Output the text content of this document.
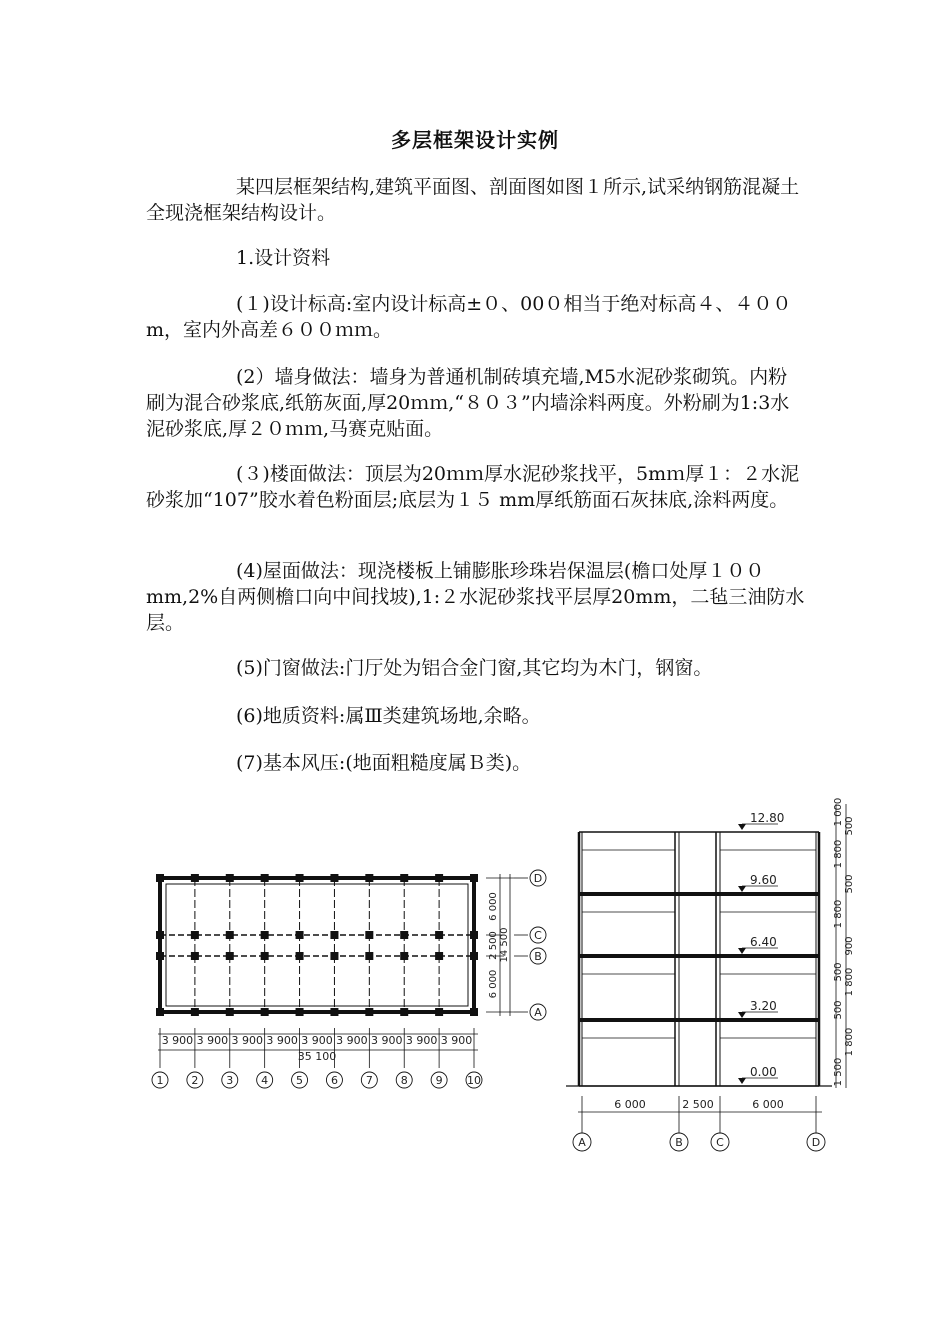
多层框架设计实例
某四层框架结构,建筑平面图、剖面图如图１所示,试采纳钢筋混凝土全现浇框架结构设计。
1.设计资料
(１)设计标高:室内设计标高±０、00０相当于绝对标高４、４００m，室内外高差６００ｍｍ。
(2）墙身做法：墙身为普通机制砖填充墙,M5水泥砂浆砌筑。内粉刷为混合砂浆底,纸筋灰面,厚20ｍｍ,“８０３”内墙涂料两度。外粉刷为1:3水泥砂浆底,厚２０ｍｍ,马赛克贴面。
(３)楼面做法：顶层为20ｍｍ厚水泥砂浆找平，5mｍ厚１：２水泥砂浆加“107”胶水着色粉面层;底层为１５ mm厚纸筋面石灰抹底,涂料两度。
(4)屋面做法：现浇楼板上铺膨胀珍珠岩保温层(檐口处厚１００ mm,2%自两侧檐口向中间找坡),1:２水泥砂浆找平层厚20mm，二毡三油防水层。
(5)门窗做法:门厅处为铝合金门窗,其它均为木门，钢窗。
(6)地质资料:属Ⅲ类建筑场地,余略。
(7)基本风压:(地面粗糙度属Ｂ类)。
1	2	3	4	5	6	7	8	9 10
3 900 3 900 3 900 3 900 3 900 3 900 3 900 3 900 3 900
35 100
D
C
B
A
6 000
2 500
6 000
14 500
12.80
9.60
6.40
3.20
0.00
1 000 500
1 800
500
1 800
900
500 1 800
500
1 800
1 500
6 000	2 500	6 000
A	B	C	D
